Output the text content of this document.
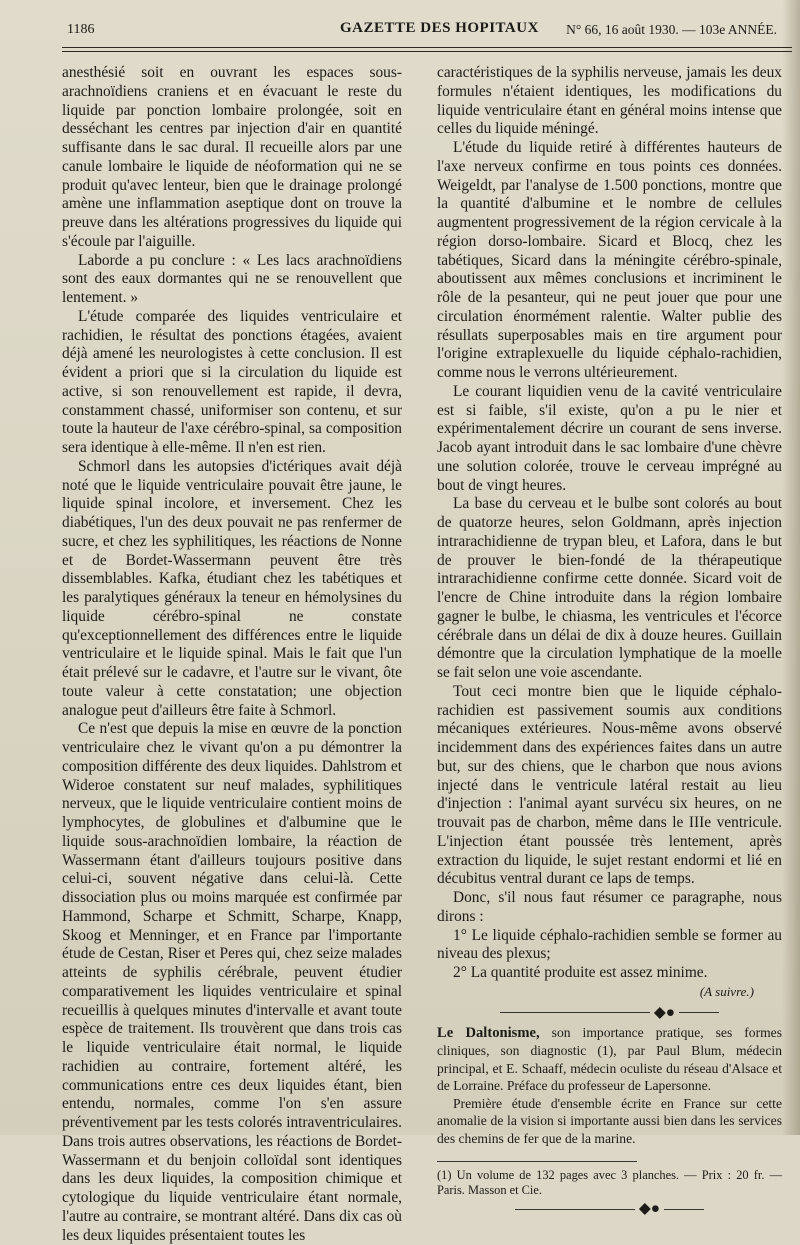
1186	GAZETTE DES HOPITAUX N° 66, 16 août 1930. — 103e ANNÉE.

anesthésié soit en ouvrant les espaces sous-arachnoïdiens craniens et en évacuant le reste du liquide par ponction lombaire prolongée, soit en desséchant les centres par injection d'air en quantité suffisante dans le sac dural. Il recueille alors par une canule lombaire le liquide de néoformation qui ne se produit qu'avec lenteur, bien que le drainage prolongé amène une inflammation aseptique dont on trouve la preuve dans les altérations progressives du liquide qui s'écoule par l'aiguille.

Laborde a pu conclure : « Les lacs arachnoïdiens sont des eaux dormantes qui ne se renouvellent que lentement. »

L'étude comparée des liquides ventriculaire et rachidien, le résultat des ponctions étagées, avaient déjà amené les neurologistes à cette conclusion. Il est évident a priori que si la circulation du liquide est active, si son renouvellement est rapide, il devra, constamment chassé, uniformiser son contenu, et sur toute la hauteur de l'axe cérébro-spinal, sa composition sera identique à elle-même. Il n'en est rien.

Schmorl dans les autopsies d'ictériques avait déjà noté que le liquide ventriculaire pouvait être jaune, le liquide spinal incolore, et inversement. Chez les diabétiques, l'un des deux pouvait ne pas renfermer de sucre, et chez les syphilitiques, les réactions de Nonne et de Bordet-Wassermann peuvent être très dissemblables. Kafka, étudiant chez les tabétiques et les paralytiques généraux la teneur en hémolysines du liquide cérébro-spinal ne constate qu'exceptionnellement des différences entre le liquide ventriculaire et le liquide spinal. Mais le fait que l'un était prélevé sur le cadavre, et l'autre sur le vivant, ôte toute valeur à cette constatation; une objection analogue peut d'ailleurs être faite à Schmorl.

Ce n'est que depuis la mise en œuvre de la ponction ventriculaire chez le vivant qu'on a pu démontrer la composition différente des deux liquides. Dahlstrom et Wideroe constatent sur neuf malades, syphilitiques nerveux, que le liquide ventriculaire contient moins de lymphocytes, de globulines et d'albumine que le liquide sous-arachnoïdien lombaire, la réaction de Wassermann étant d'ailleurs toujours positive dans celui-ci, souvent négative dans celui-là. Cette dissociation plus ou moins marquée est confirmée par Hammond, Scharpe et Schmitt, Scharpe, Knapp, Skoog et Menninger, et en France par l'importante étude de Cestan, Riser et Peres qui, chez seize malades atteints de syphilis cérébrale, peuvent étudier comparativement les liquides ventriculaire et spinal recueillis à quelques minutes d'intervalle et avant toute espèce de traitement. Ils trouvèrent que dans trois cas le liquide ventriculaire était normal, le liquide rachidien au contraire, fortement altéré, les communications entre ces deux liquides étant, bien entendu, normales, comme l'on s'en assure préventivement par les tests colorés intraventriculaires. Dans trois autres observations, les réactions de Bordet-Wassermann et du benjoin colloïdal sont identiques dans les deux liquides, la composition chimique et cytologique du liquide ventriculaire étant normale, l'autre au contraire, se montrant altéré. Dans dix cas où les deux liquides présentaient toutes les

caractéristiques de la syphilis nerveuse, jamais les deux formules n'étaient identiques, les modifications du liquide ventriculaire étant en général moins intense que celles du liquide méningé.

L'étude du liquide retiré à différentes hauteurs de l'axe nerveux confirme en tous points ces données. Weigeldt, par l'analyse de 1.500 ponctions, montre que la quantité d'albumine et le nombre de cellules augmentent progressivement de la région cervicale à la région dorso-lombaire. Sicard et Blocq, chez les tabétiques, Sicard dans la méningite cérébro-spinale, aboutissent aux mêmes conclusions et incriminent le rôle de la pesanteur, qui ne peut jouer que pour une circulation énormément ralentie. Walter publie des résullats superposables mais en tire argument pour l'origine extraplexuelle du liquide céphalo-rachidien, comme nous le verrons ultérieurement.

Le courant liquidien venu de la cavité ventriculaire est si faible, s'il existe, qu'on a pu le nier et expérimentalement décrire un courant de sens inverse. Jacob ayant introduit dans le sac lombaire d'une chèvre une solution colorée, trouve le cerveau imprégné au bout de vingt heures.

La base du cerveau et le bulbe sont colorés au bout de quatorze heures, selon Goldmann, après injection intrarachidienne de trypan bleu, et Lafora, dans le but de prouver le bien-fondé de la thérapeutique intrarachidienne confirme cette donnée. Sicard voit de l'encre de Chine introduite dans la région lombaire gagner le bulbe, le chiasma, les ventricules et l'écorce cérébrale dans un délai de dix à douze heures. Guillain démontre que la circulation lymphatique de la moelle se fait selon une voie ascendante.

Tout ceci montre bien que le liquide céphalo-rachidien est passivement soumis aux conditions mécaniques extérieures. Nous-même avons observé incidemment dans des expériences faites dans un autre but, sur des chiens, que le charbon que nous avions injecté dans le ventricule latéral restait au lieu d'injection : l'animal ayant survécu six heures, on ne trouvait pas de charbon, même dans le IIIe ventricule. L'injection étant poussée très lentement, après extraction du liquide, le sujet restant endormi et lié en décubitus ventral durant ce laps de temps.

Donc, s'il nous faut résumer ce paragraphe, nous dirons :

1° Le liquide céphalo-rachidien semble se former au niveau des plexus;

2° La quantité produite est assez minime.

(A suivre.)

◆●

Le Daltonisme, son importance pratique, ses formes cliniques, son diagnostic (1), par Paul Blum, médecin principal, et E. Schaaff, médecin oculiste du réseau d'Alsace et de Lorraine. Préface du professeur de Lapersonne.

Première étude d'ensemble écrite en France sur cette anomalie de la vision si importante aussi bien dans les services des chemins de fer que de la marine.

(1) Un volume de 132 pages avec 3 planches. — Prix : 20 fr. — Paris. Masson et Cie.

◆●
